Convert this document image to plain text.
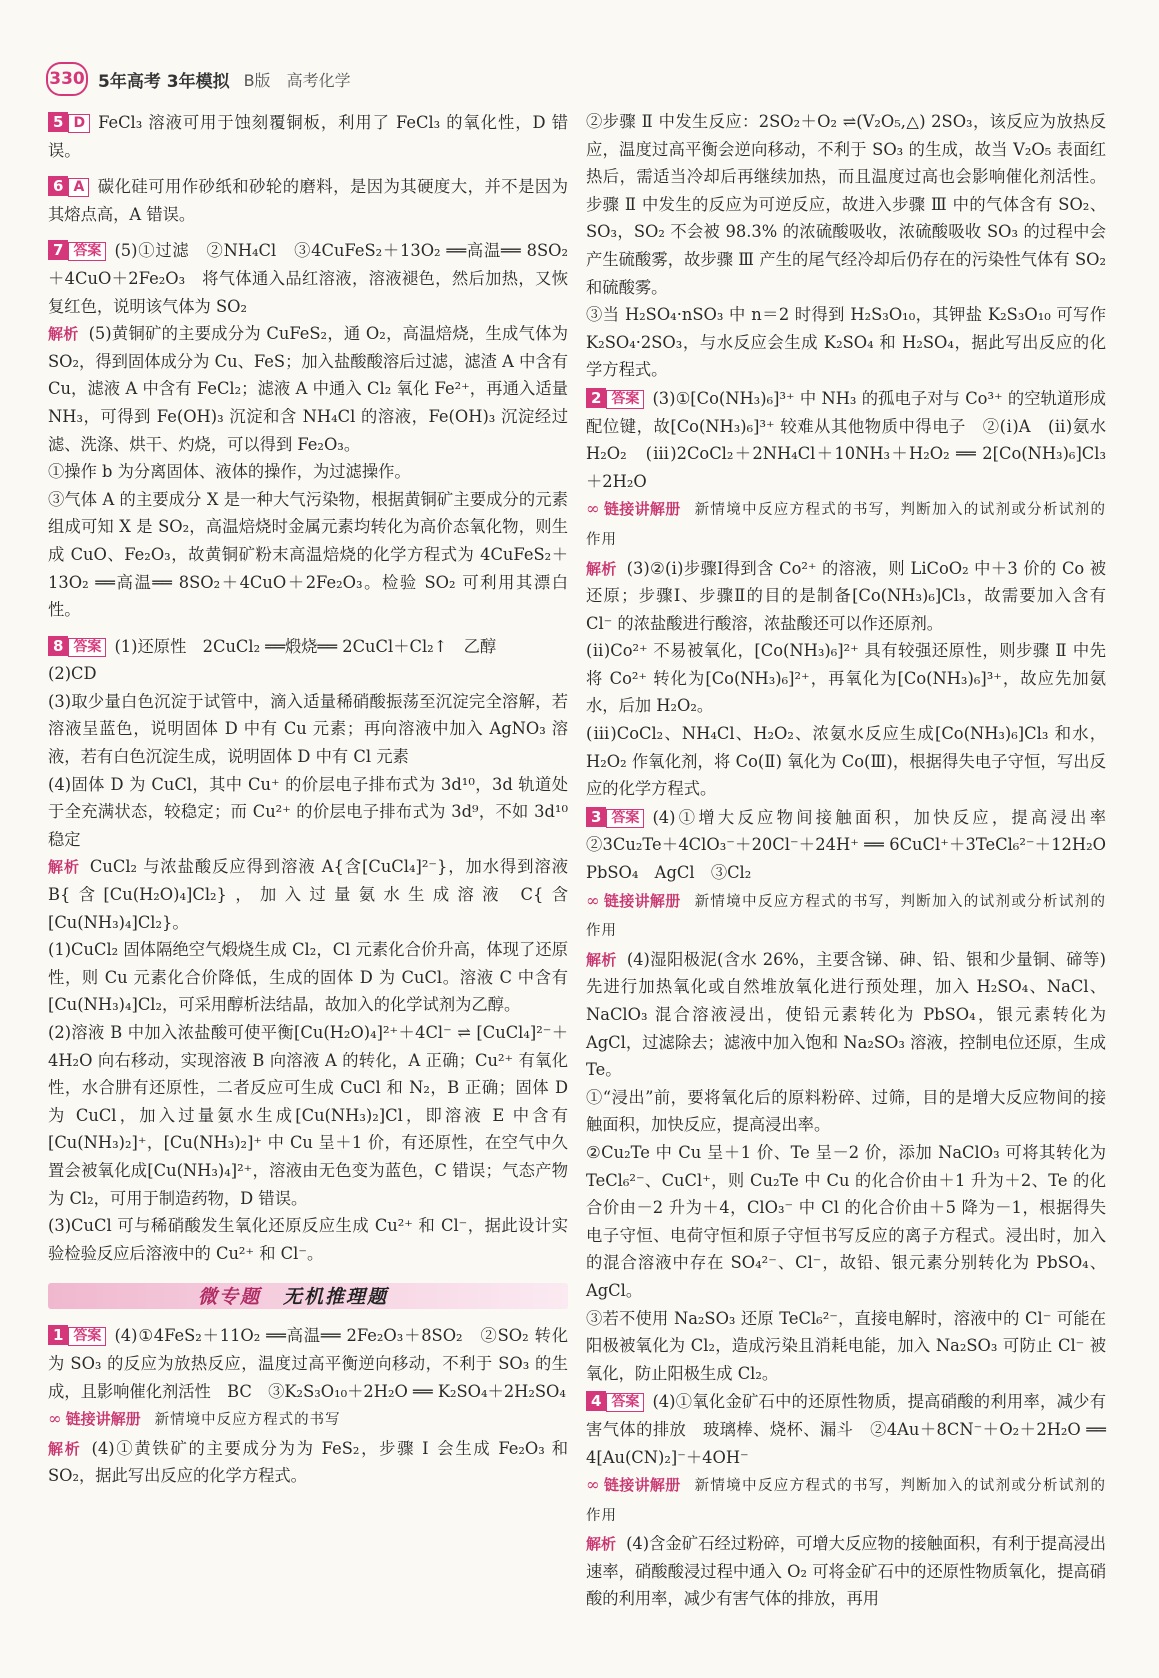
330 5年高考 3年模拟 B版 高考化学

5 D FeCl₃ 溶液可用于蚀刻覆铜板，利用了 FeCl₃ 的氧化性，D 错误。

6 A 碳化硅可用作砂纸和砂轮的磨料，是因为其硬度大，并不是因为其熔点高，A 错误。

7 答案 (5)①过滤　②NH₄Cl　③4CuFeS₂＋13O₂ ══高温══ 8SO₂＋4CuO＋2Fe₂O₃　将气体通入品红溶液，溶液褪色，然后加热，又恢复红色，说明该气体为 SO₂

解析 (5)黄铜矿的主要成分为 CuFeS₂，通 O₂，高温焙烧，生成气体为 SO₂，得到固体成分为 Cu、FeS；加入盐酸酸溶后过滤，滤渣 A 中含有 Cu，滤液 A 中含有 FeCl₂；滤液 A 中通入 Cl₂ 氧化 Fe²⁺，再通入适量 NH₃，可得到 Fe(OH)₃ 沉淀和含 NH₄Cl 的溶液，Fe(OH)₃ 沉淀经过滤、洗涤、烘干、灼烧，可以得到 Fe₂O₃。

①操作 b 为分离固体、液体的操作，为过滤操作。

③气体 A 的主要成分 X 是一种大气污染物，根据黄铜矿主要成分的元素组成可知 X 是 SO₂，高温焙烧时金属元素均转化为高价态氧化物，则生成 CuO、Fe₂O₃，故黄铜矿粉末高温焙烧的化学方程式为 4CuFeS₂＋13O₂ ══高温══ 8SO₂＋4CuO＋2Fe₂O₃。检验 SO₂ 可利用其漂白性。

8 答案 (1)还原性　2CuCl₂ ══煅烧══ 2CuCl＋Cl₂↑　乙醇

(2)CD

(3)取少量白色沉淀于试管中，滴入适量稀硝酸振荡至沉淀完全溶解，若溶液呈蓝色，说明固体 D 中有 Cu 元素；再向溶液中加入 AgNO₃ 溶液，若有白色沉淀生成，说明固体 D 中有 Cl 元素

(4)固体 D 为 CuCl，其中 Cu⁺ 的价层电子排布式为 3d¹⁰，3d 轨道处于全充满状态，较稳定；而 Cu²⁺ 的价层电子排布式为 3d⁹，不如 3d¹⁰ 稳定

解析 CuCl₂ 与浓盐酸反应得到溶液 A{含[CuCl₄]²⁻}，加水得到溶液 B{含[Cu(H₂O)₄]Cl₂}，加入过量氨水生成溶液 C{含[Cu(NH₃)₄]Cl₂}。

(1)CuCl₂ 固体隔绝空气煅烧生成 Cl₂，Cl 元素化合价升高，体现了还原性，则 Cu 元素化合价降低，生成的固体 D 为 CuCl。溶液 C 中含有[Cu(NH₃)₄]Cl₂，可采用醇析法结晶，故加入的化学试剂为乙醇。

(2)溶液 B 中加入浓盐酸可使平衡[Cu(H₂O)₄]²⁺＋4Cl⁻ ⇌ [CuCl₄]²⁻＋4H₂O 向右移动，实现溶液 B 向溶液 A 的转化，A 正确；Cu²⁺ 有氧化性，水合肼有还原性，二者反应可生成 CuCl 和 N₂，B 正确；固体 D 为 CuCl，加入过量氨水生成[Cu(NH₃)₂]Cl，即溶液 E 中含有[Cu(NH₃)₂]⁺，[Cu(NH₃)₂]⁺ 中 Cu 呈＋1 价，有还原性，在空气中久置会被氧化成[Cu(NH₃)₄]²⁺，溶液由无色变为蓝色，C 错误；气态产物为 Cl₂，可用于制造药物，D 错误。

(3)CuCl 可与稀硝酸发生氧化还原反应生成 Cu²⁺ 和 Cl⁻，据此设计实验检验反应后溶液中的 Cu²⁺ 和 Cl⁻。

微专题 无机推理题

1 答案 (4)①4FeS₂＋11O₂ ══高温══ 2Fe₂O₃＋8SO₂　②SO₂ 转化为 SO₃ 的反应为放热反应，温度过高平衡逆向移动，不利于 SO₃ 的生成，且影响催化剂活性　BC　③K₂S₃O₁₀＋2H₂O ══ K₂SO₄＋2H₂SO₄

∞ 链接讲解册 新情境中反应方程式的书写

解析 (4)①黄铁矿的主要成分为为 FeS₂，步骤 Ⅰ 会生成 Fe₂O₃ 和 SO₂，据此写出反应的化学方程式。

②步骤 Ⅱ 中发生反应：2SO₂＋O₂ ⇌(V₂O₅,△) 2SO₃，该反应为放热反应，温度过高平衡会逆向移动，不利于 SO₃ 的生成，故当 V₂O₅ 表面红热后，需适当冷却后再继续加热，而且温度过高也会影响催化剂活性。步骤 Ⅱ 中发生的反应为可逆反应，故进入步骤 Ⅲ 中的气体含有 SO₂、SO₃，SO₂ 不会被 98.3% 的浓硫酸吸收，浓硫酸吸收 SO₃ 的过程中会产生硫酸雾，故步骤 Ⅲ 产生的尾气经冷却后仍存在的污染性气体有 SO₂ 和硫酸雾。

③当 H₂SO₄·nSO₃ 中 n＝2 时得到 H₂S₃O₁₀，其钾盐 K₂S₃O₁₀ 可写作 K₂SO₄·2SO₃，与水反应会生成 K₂SO₄ 和 H₂SO₄，据此写出反应的化学方程式。

2 答案 (3)①[Co(NH₃)₆]³⁺ 中 NH₃ 的孤电子对与 Co³⁺ 的空轨道形成配位键，故[Co(NH₃)₆]³⁺ 较难从其他物质中得电子　②(ⅰ)A　(ⅱ)氨水　H₂O₂　(ⅲ)2CoCl₂＋2NH₄Cl＋10NH₃＋H₂O₂ ══ 2[Co(NH₃)₆]Cl₃＋2H₂O

∞ 链接讲解册 新情境中反应方程式的书写，判断加入的试剂或分析试剂的作用

解析 (3)②(ⅰ)步骤Ⅰ得到含 Co²⁺ 的溶液，则 LiCoO₂ 中＋3 价的 Co 被还原；步骤Ⅰ、步骤Ⅱ的目的是制备[Co(NH₃)₆]Cl₃，故需要加入含有 Cl⁻ 的浓盐酸进行酸溶，浓盐酸还可以作还原剂。

(ⅱ)Co²⁺ 不易被氧化，[Co(NH₃)₆]²⁺ 具有较强还原性，则步骤 Ⅱ 中先将 Co²⁺ 转化为[Co(NH₃)₆]²⁺，再氧化为[Co(NH₃)₆]³⁺，故应先加氨水，后加 H₂O₂。

(ⅲ)CoCl₂、NH₄Cl、H₂O₂、浓氨水反应生成[Co(NH₃)₆]Cl₃ 和水，H₂O₂ 作氧化剂，将 Co(Ⅱ) 氧化为 Co(Ⅲ)，根据得失电子守恒，写出反应的化学方程式。

3 答案 (4)①增大反应物间接触面积，加快反应，提高浸出率　②3Cu₂Te＋4ClO₃⁻＋20Cl⁻＋24H⁺ ══ 6CuCl⁺＋3TeCl₆²⁻＋12H₂O　PbSO₄　AgCl　③Cl₂

∞ 链接讲解册 新情境中反应方程式的书写，判断加入的试剂或分析试剂的作用

解析 (4)湿阳极泥(含水 26%，主要含锑、砷、铅、银和少量铜、碲等)先进行加热氧化或自然堆放氧化进行预处理，加入 H₂SO₄、NaCl、NaClO₃ 混合溶液浸出，使铅元素转化为 PbSO₄，银元素转化为 AgCl，过滤除去；滤液中加入饱和 Na₂SO₃ 溶液，控制电位还原，生成 Te。

①“浸出”前，要将氧化后的原料粉碎、过筛，目的是增大反应物间的接触面积，加快反应，提高浸出率。

②Cu₂Te 中 Cu 呈＋1 价、Te 呈－2 价，添加 NaClO₃ 可将其转化为 TeCl₆²⁻、CuCl⁺，则 Cu₂Te 中 Cu 的化合价由＋1 升为＋2、Te 的化合价由－2 升为＋4，ClO₃⁻ 中 Cl 的化合价由＋5 降为－1，根据得失电子守恒、电荷守恒和原子守恒书写反应的离子方程式。浸出时，加入的混合溶液中存在 SO₄²⁻、Cl⁻，故铅、银元素分别转化为 PbSO₄、AgCl。

③若不使用 Na₂SO₃ 还原 TeCl₆²⁻，直接电解时，溶液中的 Cl⁻ 可能在阳极被氧化为 Cl₂，造成污染且消耗电能，加入 Na₂SO₃ 可防止 Cl⁻ 被氧化，防止阳极生成 Cl₂。

4 答案 (4)①氧化金矿石中的还原性物质，提高硝酸的利用率，减少有害气体的排放　玻璃棒、烧杯、漏斗　②4Au＋8CN⁻＋O₂＋2H₂O ══ 4[Au(CN)₂]⁻＋4OH⁻

∞ 链接讲解册 新情境中反应方程式的书写，判断加入的试剂或分析试剂的作用

解析 (4)含金矿石经过粉碎，可增大反应物的接触面积，有利于提高浸出速率，硝酸酸浸过程中通入 O₂ 可将金矿石中的还原性物质氧化，提高硝酸的利用率，减少有害气体的排放，再用
